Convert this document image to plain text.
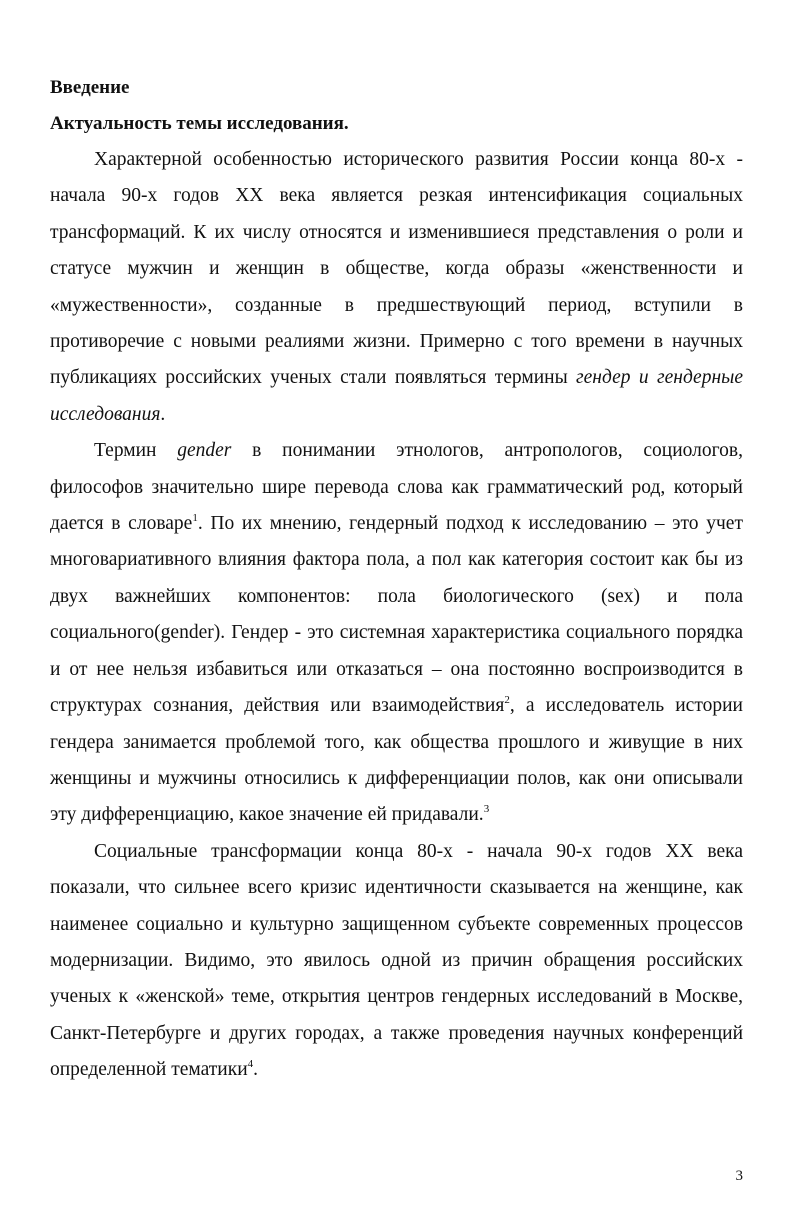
Введение

Актуальность темы исследования.

Характерной особенностью исторического развития России конца 80-х - начала 90-х годов XX века является резкая интенсификация социальных трансформаций. К их числу относятся и изменившиеся представления о роли и статусе мужчин и женщин в обществе, когда образы «женственности и «мужественности», созданные в предшествующий период, вступили в противоречие с новыми реалиями жизни. Примерно с того времени в научных публикациях российских ученых стали появляться термины гендер и гендерные исследования.

Термин gender в понимании этнологов, антропологов, социологов, философов значительно шире перевода слова как грамматический род, который дается в словаре$^1$. По их мнению, гендерный подход к исследованию – это учет многовариативного влияния фактора пола, а пол как категория состоит как бы из двух важнейших компонентов: пола биологического (sex) и пола социального(gender). Гендер - это системная характеристика социального порядка и от нее нельзя избавиться или отказаться – она постоянно воспроизводится в структурах сознания, действия или взаимодействия$^2$, а исследователь истории гендера занимается проблемой того, как общества прошлого и живущие в них женщины и мужчины относились к дифференциации полов, как они описывали эту дифференциацию, какое значение ей придавали.$^3$

Социальные трансформации конца 80-х - начала 90-х годов XX века показали, что сильнее всего кризис идентичности сказывается на женщине, как наименее социально и культурно защищенном субъекте современных процессов модернизации. Видимо, это явилось одной из причин обращения российских ученых к «женской» теме, открытия центров гендерных исследований в Москве, Санкт-Петербурге и других городах, а также проведения научных конференций определенной тематики$^4$.

3
